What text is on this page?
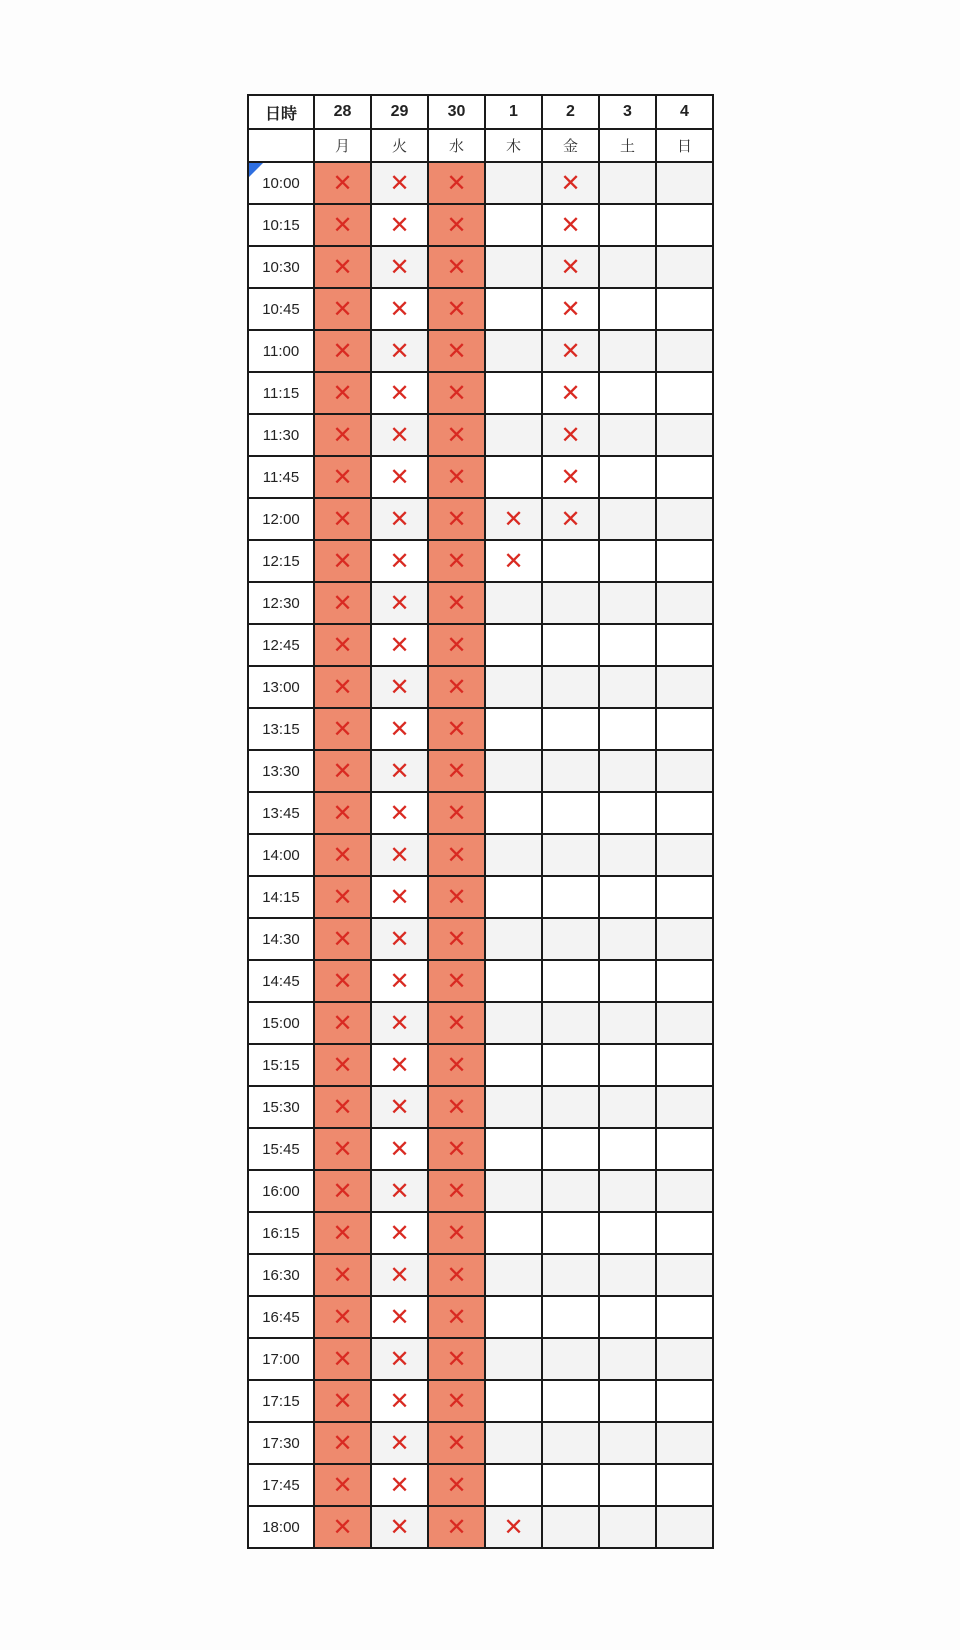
日時	28	29	30	1	2	3	4
	月	火	水	木	金	土	日
10:00	✕	✕	✕		✕		
10:15	✕	✕	✕		✕		
10:30	✕	✕	✕		✕		
10:45	✕	✕	✕		✕		
11:00	✕	✕	✕		✕		
11:15	✕	✕	✕		✕		
11:30	✕	✕	✕		✕		
11:45	✕	✕	✕		✕		
12:00	✕	✕	✕	✕	✕		
12:15	✕	✕	✕	✕			
12:30	✕	✕	✕				
12:45	✕	✕	✕				
13:00	✕	✕	✕				
13:15	✕	✕	✕				
13:30	✕	✕	✕				
13:45	✕	✕	✕				
14:00	✕	✕	✕				
14:15	✕	✕	✕				
14:30	✕	✕	✕				
14:45	✕	✕	✕				
15:00	✕	✕	✕				
15:15	✕	✕	✕				
15:30	✕	✕	✕				
15:45	✕	✕	✕				
16:00	✕	✕	✕				
16:15	✕	✕	✕				
16:30	✕	✕	✕				
16:45	✕	✕	✕				
17:00	✕	✕	✕				
17:15	✕	✕	✕				
17:30	✕	✕	✕				
17:45	✕	✕	✕				
18:00	✕	✕	✕	✕			
